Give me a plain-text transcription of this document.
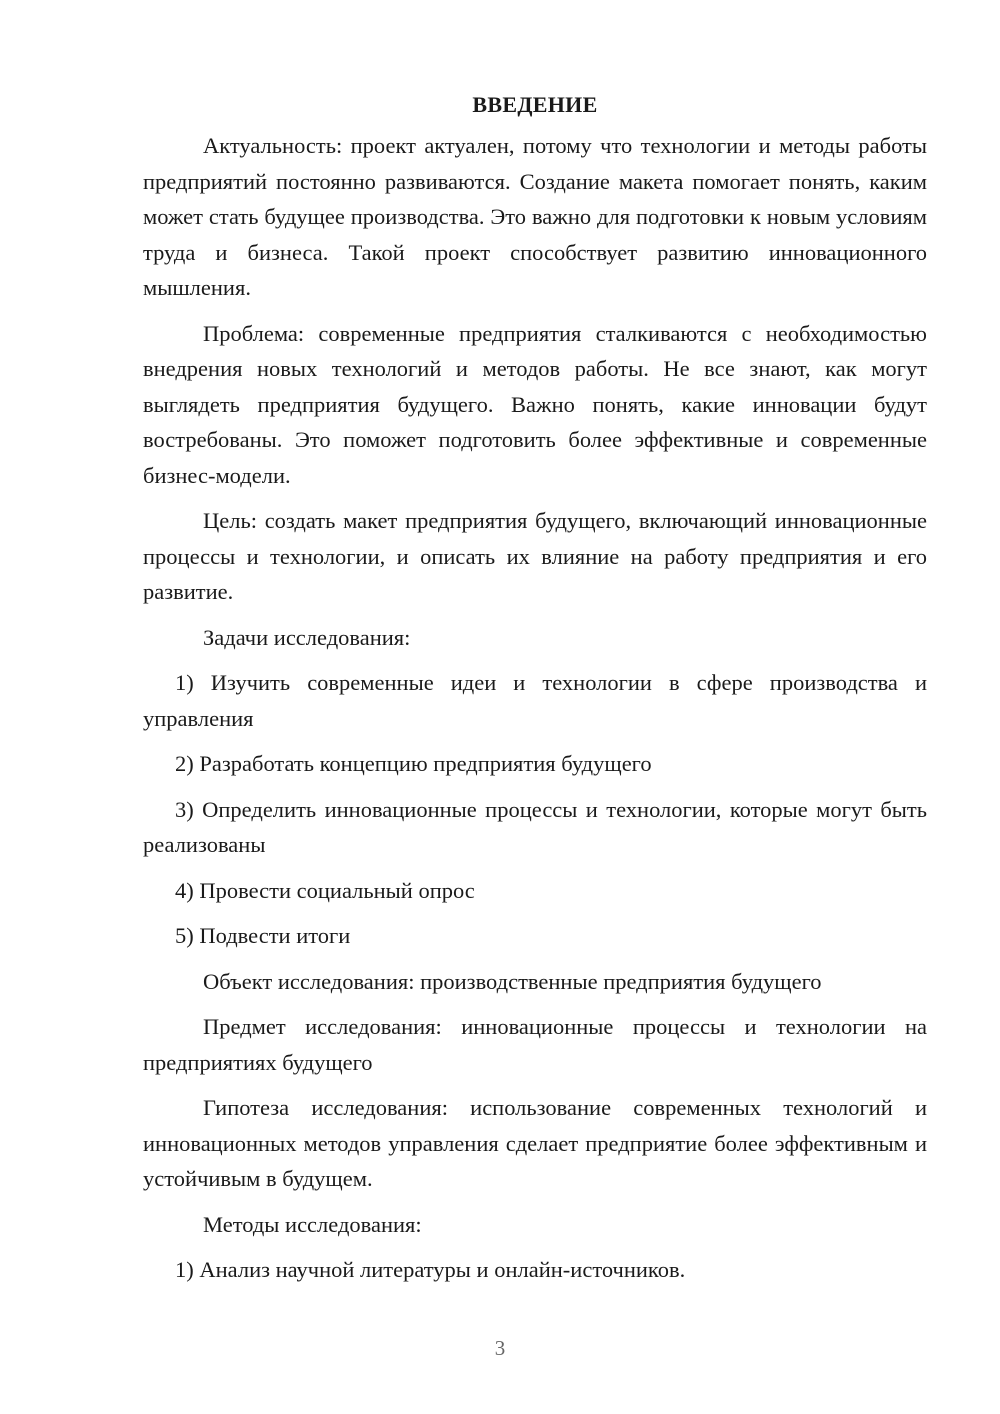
ВВЕДЕНИЕ

Актуальность: проект актуален, потому что технологии и методы работы предприятий постоянно развиваются. Создание макета помогает понять, каким может стать будущее производства. Это важно для подготовки к новым условиям труда и бизнеса. Такой проект способствует развитию инновационного мышления.

Проблема: современные предприятия сталкиваются с необходимостью внедрения новых технологий и методов работы. Не все знают, как могут выглядеть предприятия будущего. Важно понять, какие инновации будут востребованы. Это поможет подготовить более эффективные и современные бизнес-модели.

Цель: создать макет предприятия будущего, включающий инновационные процессы и технологии, и описать их влияние на работу предприятия и его развитие.

Задачи исследования:

1) Изучить современные идеи и технологии в сфере производства и управления

2) Разработать концепцию предприятия будущего

3) Определить инновационные процессы и технологии, которые могут быть реализованы

4) Провести социальный опрос

5) Подвести итоги

Объект исследования: производственные предприятия будущего

Предмет исследования: инновационные процессы и технологии на предприятиях будущего

Гипотеза исследования: использование современных технологий и инновационных методов управления сделает предприятие более эффективным и устойчивым в будущем.

Методы исследования:

1) Анализ научной литературы и онлайн-источников.

3
